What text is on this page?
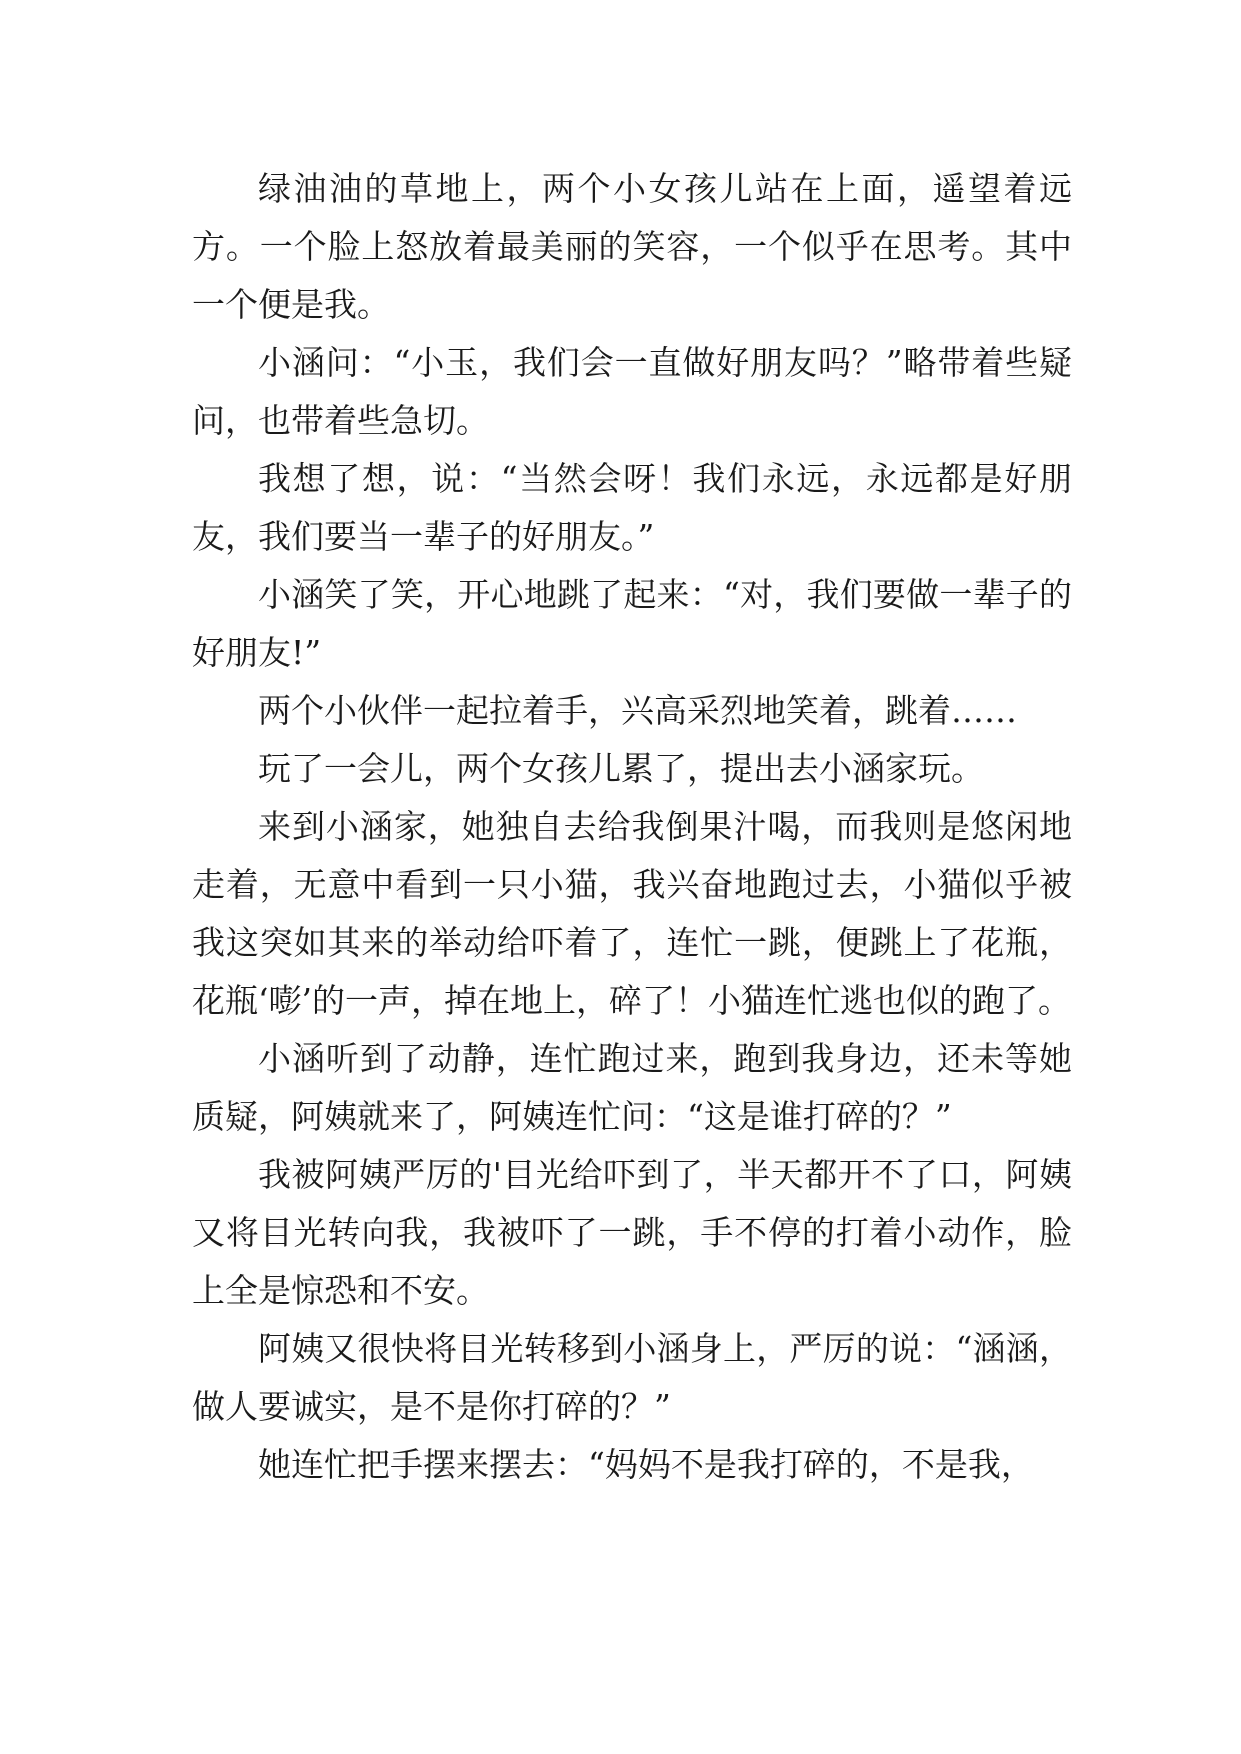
绿油油的草地上，两个小女孩儿站在上面，遥望着远方。一个脸上怒放着最美丽的笑容，一个似乎在思考。其中一个便是我。

小涵问：“小玉，我们会一直做好朋友吗？”略带着些疑问，也带着些急切。

我想了想，说：“当然会呀！我们永远，永远都是好朋友，我们要当一辈子的好朋友。”

小涵笑了笑，开心地跳了起来：“对，我们要做一辈子的好朋友!”

两个小伙伴一起拉着手，兴高采烈地笑着，跳着……

玩了一会儿，两个女孩儿累了，提出去小涵家玩。

来到小涵家，她独自去给我倒果汁喝，而我则是悠闲地走着，无意中看到一只小猫，我兴奋地跑过去，小猫似乎被我这突如其来的举动给吓着了，连忙一跳，便跳上了花瓶，花瓶‘嘭’的一声，掉在地上，碎了！小猫连忙逃也似的跑了。

小涵听到了动静，连忙跑过来，跑到我身边，还未等她质疑，阿姨就来了，阿姨连忙问：“这是谁打碎的？”

我被阿姨严厉的'目光给吓到了，半天都开不了口，阿姨又将目光转向我，我被吓了一跳，手不停的打着小动作，脸上全是惊恐和不安。

阿姨又很快将目光转移到小涵身上，严厉的说：“涵涵，做人要诚实，是不是你打碎的？”

她连忙把手摆来摆去：“妈妈不是我打碎的，不是我，
